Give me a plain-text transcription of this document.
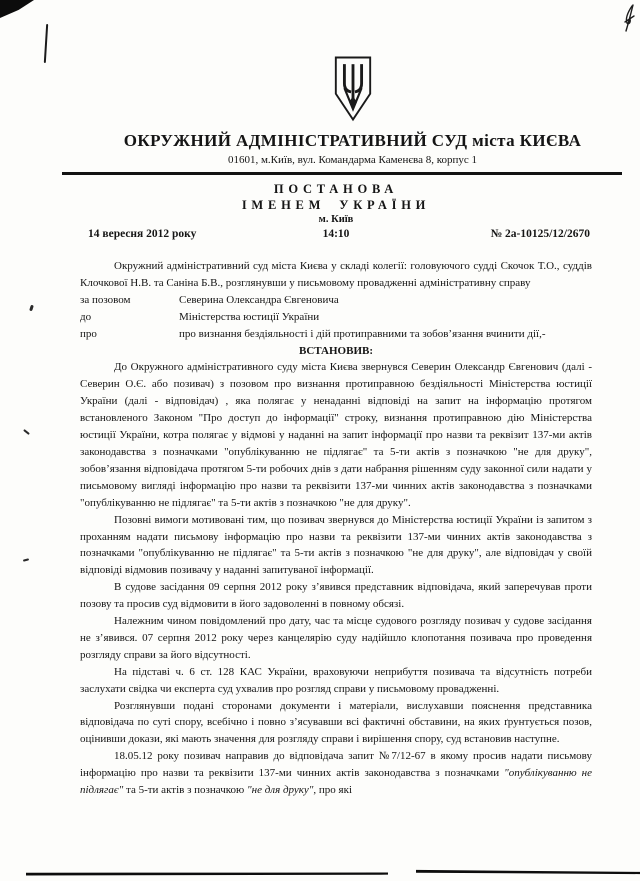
ОКРУЖНИЙ АДМІНІСТРАТИВНИЙ СУД міста КИЄВА
01601, м.Київ, вул. Командарма Каменєва 8, корпус 1
ПОСТАНОВА
ІМЕНЕМ УКРАЇНИ
м. Київ
14 вересня 2012 року	14:10	№ 2а-10125/12/2670

Окружний адміністративний суд міста Києва у складі колегії: головуючого судді Скочок Т.О., суддів Клочкової Н.В. та Саніна Б.В., розглянувши у письмовому провадженні адміністративну справу

за позовом	Северина Олександра Євгеновича
до	Міністерства юстиції України
про	про визнання бездіяльності і дій протиправними та зобов’язання вчинити дії,-

ВСТАНОВИВ:

До Окружного адміністративного суду міста Києва звернувся Северин Олександр Євгенович (далі - Северин О.Є. або позивач) з позовом про визнання протиправною бездіяльності Міністерства юстиції України (далі - відповідач) , яка полягає у ненаданні відповіді на запит на інформацію протягом встановленого Законом "Про доступ до інформації" строку, визнання протиправною дію Міністерства юстиції України, котра полягає у відмові у наданні на запит інформації про назви та реквізит 137-ми актів законодавства з позначками "опублікуванню не підлягає" та 5-ти актів з позначкою "не для друку", зобов’язання відповідача протягом 5-ти робочих днів з дати набрання рішенням суду законної сили надати у письмовому вигляді інформацію про назви та реквізити 137-ми чинних актів законодавства з позначками "опублікуванню не підлягає" та 5-ти актів з позначкою "не для друку".

Позовні вимоги мотивовані тим, що позивач звернувся до Міністерства юстиції України із запитом з проханням надати письмову інформацію про назви та реквізити 137-ми чинних актів законодавства з позначками "опублікуванню не підлягає" та 5-ти актів з позначкою "не для друку", але відповідач у своїй відповіді відмовив позивачу у наданні запитуваної інформації.

В судове засідання 09 серпня 2012 року з’явився представник відповідача, який заперечував проти позову та просив суд відмовити в його задоволенні в повному обсязі.

Належним чином повідомлений про дату, час та місце судового розгляду позивач у судове засідання не з’явився. 07 серпня 2012 року через канцелярію суду надійшло клопотання позивача про проведення розгляду справи за його відсутності.

На підставі ч. 6 ст. 128 КАС України, враховуючи неприбуття позивача та відсутність потреби заслухати свідка чи експерта суд ухвалив про розгляд справи у письмовому провадженні.

Розглянувши подані сторонами документи і матеріали, вислухавши пояснення представника відповідача по суті спору, всебічно і повно з’ясувавши всі фактичні обставини, на яких ґрунтується позов, оцінивши докази, які мають значення для розгляду справи і вирішення спору, суд встановив наступне.

18.05.12 року позивач направив до відповідача запит №7/12-67 в якому просив надати письмову інформацію про назви та реквізити 137-ми чинних актів законодавства з позначками "опублікуванню не підлягає" та 5-ти актів з позначкою "не для друку", про які
